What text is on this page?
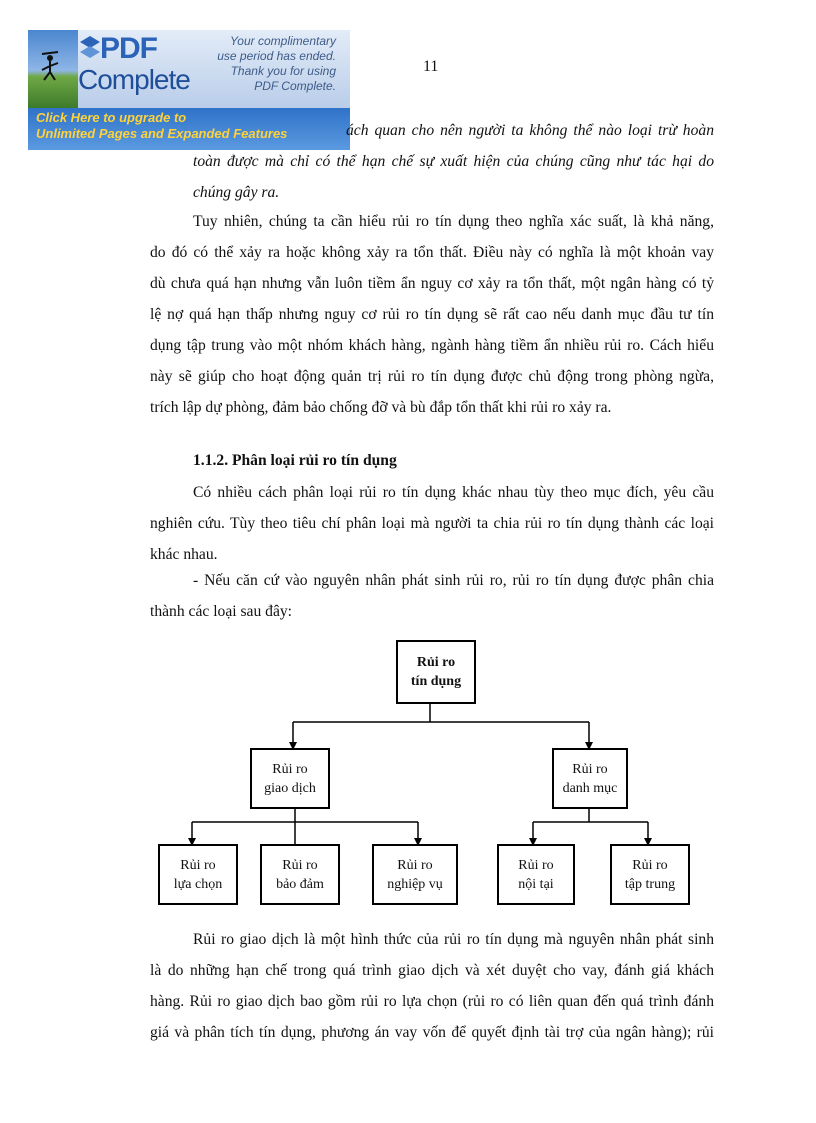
11
PDF
Complete
Your complimentary
use period has ended.
Thank you for using
PDF Complete.
Click Here to upgrade to
Unlimited Pages and Expanded Features	ách quan cho nên người ta không thể nào loại trừ hoàn
toàn được mà chỉ có thể hạn chế sự xuất hiện của chúng cũng như tác hại do
chúng gây ra.
Tuy nhiên, chúng ta cần hiểu rủi ro tín dụng theo nghĩa xác suất, là khả năng,
do đó có thể xảy ra hoặc không xảy ra tổn thất. Điều này có nghĩa là một khoản vay
dù chưa quá hạn nhưng vẫn luôn tiềm ẩn nguy cơ xảy ra tổn thất, một ngân hàng có tỷ
lệ nợ quá hạn thấp nhưng nguy cơ rủi ro tín dụng sẽ rất cao nếu danh mục đầu tư tín
dụng tập trung vào một nhóm khách hàng, ngành hàng tiềm ẩn nhiều rủi ro. Cách hiểu
này sẽ giúp cho hoạt động quản trị rủi ro tín dụng được chủ động trong phòng ngừa,
trích lập dự phòng, đảm bảo chống đỡ và bù đắp tổn thất khi rủi ro xảy ra.
1.1.2. Phân loại rủi ro tín dụng
Có nhiều cách phân loại rủi ro tín dụng khác nhau tùy theo mục đích, yêu cầu
nghiên cứu. Tùy theo tiêu chí phân loại mà người ta chia rủi ro tín dụng thành các loại
khác nhau.
- Nếu căn cứ vào nguyên nhân phát sinh rủi ro, rủi ro tín dụng được phân chia
thành các loại sau đây:
Rủi ro
tín dụng
Rủi ro
giao dịch
Rủi ro
danh mục
Rủi ro
lựa chọn
Rủi ro
bảo đảm
Rủi ro
nghiệp vụ
Rủi ro
nội tại
Rủi ro
tập trung
Rủi ro giao dịch là một hình thức của rủi ro tín dụng mà nguyên nhân phát sinh
là do những hạn chế trong quá trình giao dịch và xét duyệt cho vay, đánh giá khách
hàng. Rủi ro giao dịch bao gồm rủi ro lựa chọn (rủi ro có liên quan đến quá trình đánh
giá và phân tích tín dụng, phương án vay vốn để quyết định tài trợ của ngân hàng); rủi
